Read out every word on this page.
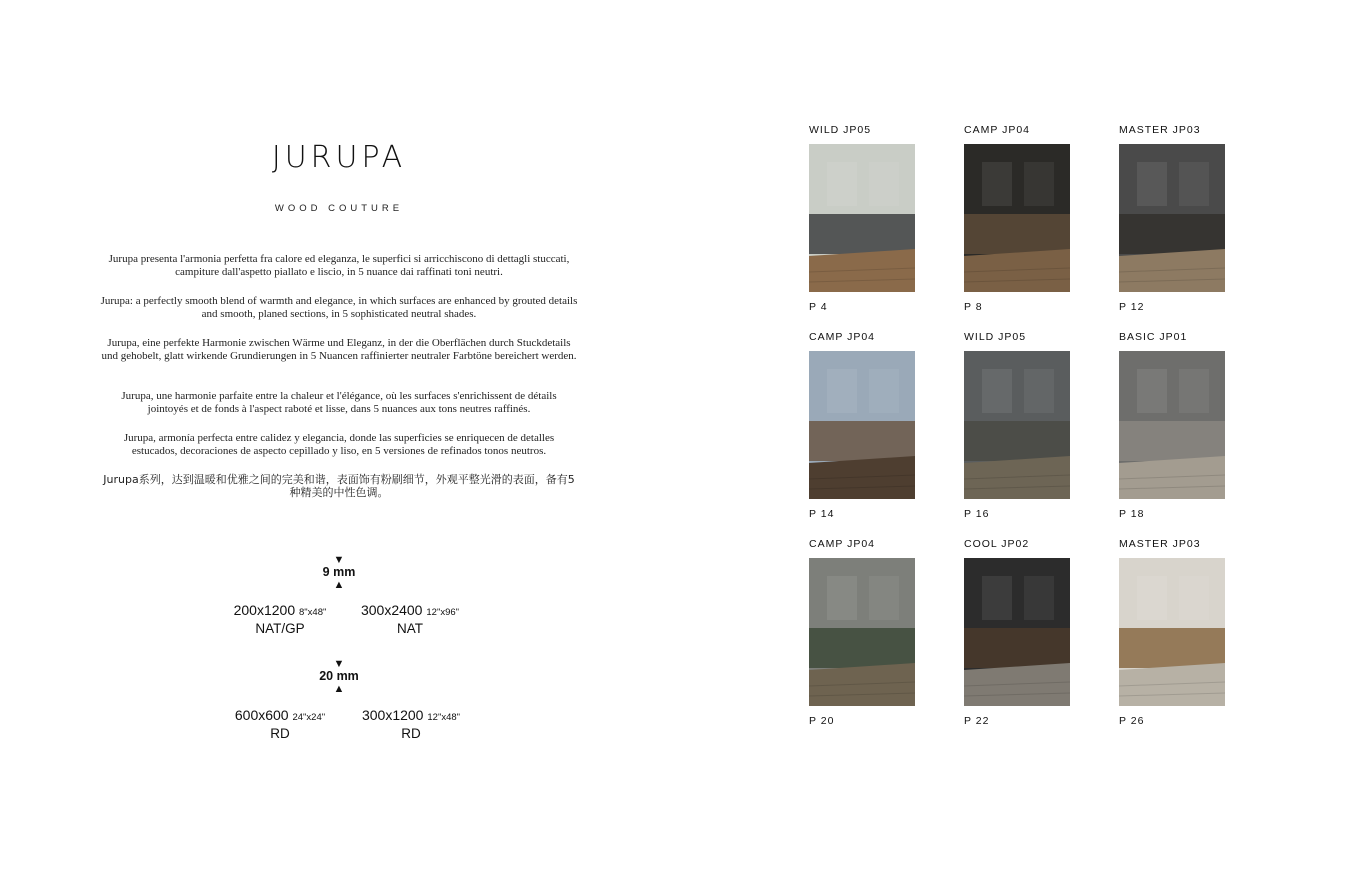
JURUPA
WOOD COUTURE
Jurupa presenta l'armonia perfetta fra calore ed eleganza, le superfici si arricchiscono di dettagli stuccati, campiture dall'aspetto piallato e liscio, in 5 nuance dai raffinati toni neutri.
Jurupa: a perfectly smooth blend of warmth and elegance, in which surfaces are enhanced by grouted details and smooth, planed sections, in 5 sophisticated neutral shades.
Jurupa, eine perfekte Harmonie zwischen Wärme und Eleganz, in der die Oberflächen durch Stuckdetails und gehobelt, glatt wirkende Grundierungen in 5 Nuancen raffinierter neutraler Farbtöne bereichert werden.
Jurupa, une harmonie parfaite entre la chaleur et l'élégance, où les surfaces s'enrichissent de détails jointoyés et de fonds à l'aspect raboté et lisse, dans 5 nuances aux tons neutres raffinés.
Jurupa, armonía perfecta entre calidez y elegancia, donde las superficies se enriquecen de detalles estucados, decoraciones de aspecto cepillado y liso, en 5 versiones de refinados tonos neutros.
Jurupa系列，达到温暖和优雅之间的完美和谐，表面饰有粉刷细节，外观平整光滑的表面，备有5种精美的中性色调。
▼
9 mm
▲
200x1200 8"x48"
NAT/GP
300x2400 12"x96"
NAT
▼
20 mm
▲
600x600 24"x24"
RD
300x1200 12"x48"
RD
WILD JP05
P 4
CAMP JP04
P 8
MASTER JP03
P 12
CAMP JP04
P 14
WILD JP05
P 16
BASIC JP01
P 18
CAMP JP04
P 20
COOL JP02
P 22
MASTER JP03
P 26
